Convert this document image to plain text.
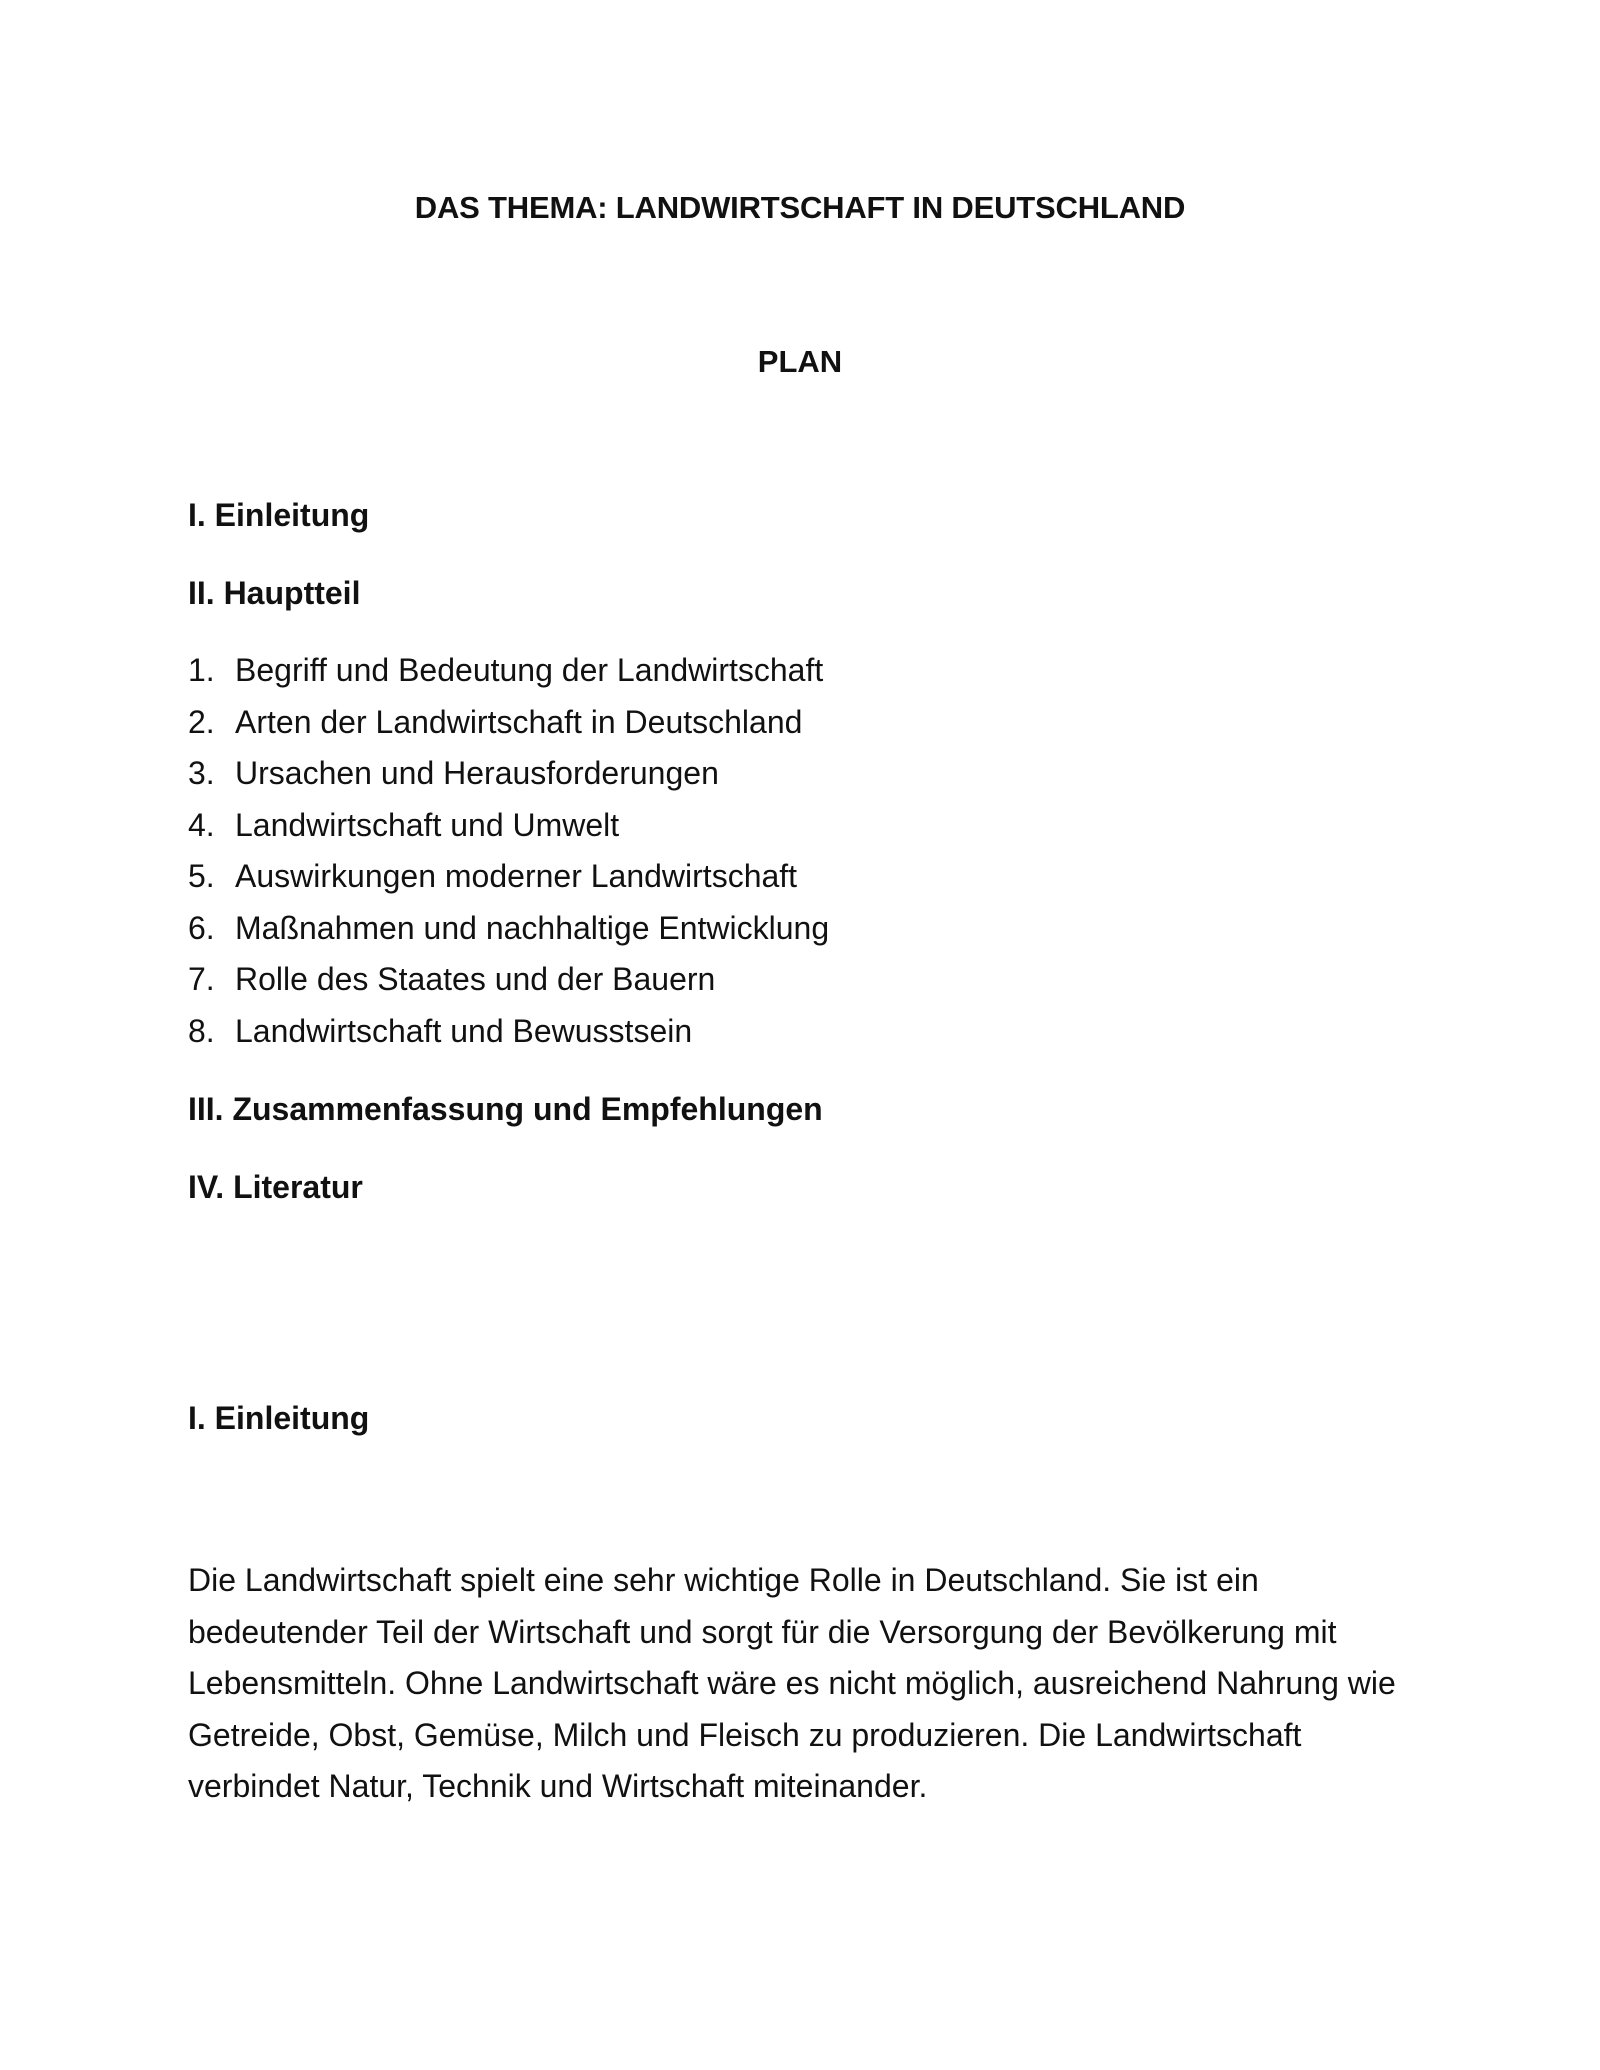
DAS THEMA: LANDWIRTSCHAFT IN DEUTSCHLAND
PLAN
I. Einleitung
II. Hauptteil
1. Begriff und Bedeutung der Landwirtschaft
2. Arten der Landwirtschaft in Deutschland
3. Ursachen und Herausforderungen
4. Landwirtschaft und Umwelt
5. Auswirkungen moderner Landwirtschaft
6. Maßnahmen und nachhaltige Entwicklung
7. Rolle des Staates und der Bauern
8. Landwirtschaft und Bewusstsein
III. Zusammenfassung und Empfehlungen
IV. Literatur
I. Einleitung

Die Landwirtschaft spielt eine sehr wichtige Rolle in Deutschland. Sie ist ein bedeutender Teil der Wirtschaft und sorgt für die Versorgung der Bevölkerung mit Lebensmitteln. Ohne Landwirtschaft wäre es nicht möglich, ausreichend Nahrung wie Getreide, Obst, Gemüse, Milch und Fleisch zu produzieren. Die Landwirtschaft verbindet Natur, Technik und Wirtschaft miteinander.
